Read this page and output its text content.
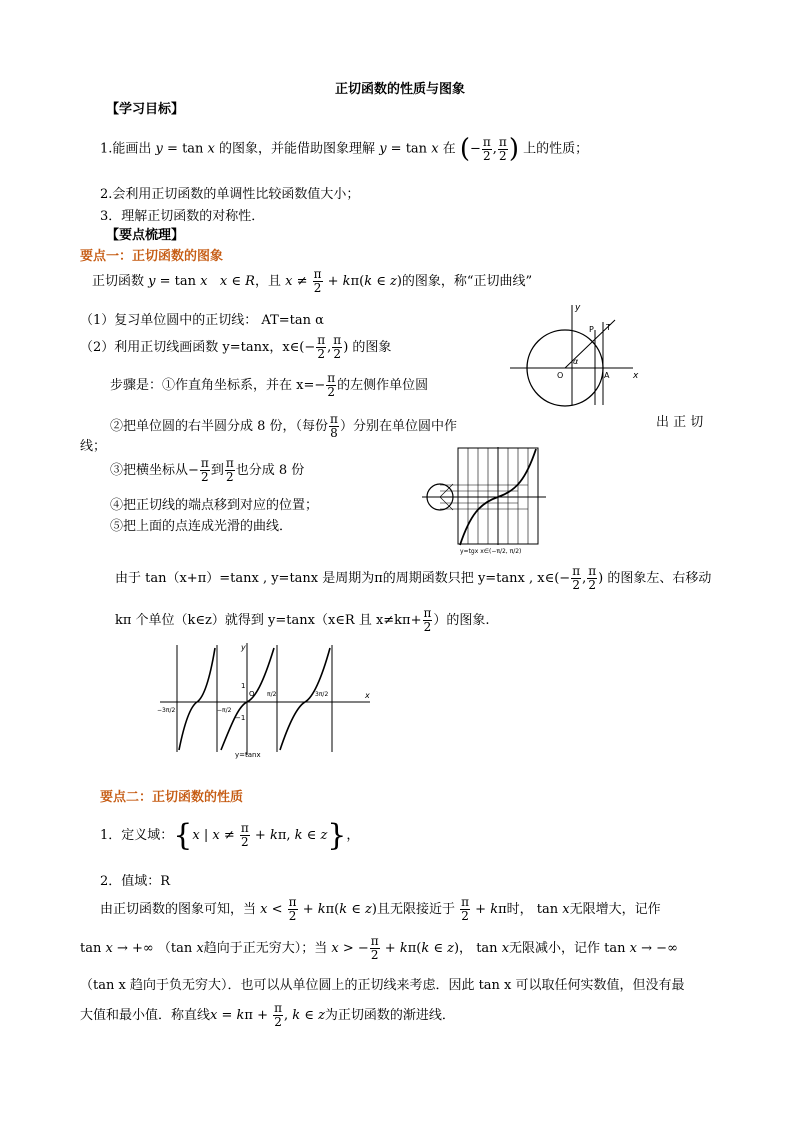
正切函数的性质与图象
【学习目标】
1.能画出 y = tan x 的图象，并能借助图象理解 y = tan x 在 (− $\frac{\pi}{2}$ , $\frac{\pi}{2}$ ) 上的性质；
2.会利用正切函数的单调性比较函数值大小；
3．理解正切函数的对称性．
【要点梳理】
要点一：正切函数的图象
正切函数 y = tan x x ∈ R，且 $x \ne \frac{\pi}{2} + k\pi(k$ ∈ z)的图象，称“正切曲线”
（1）复习单位圆中的正切线： AT=tan α
（2）利用正切线画函数 y=tanx，x∈(− $\frac{\pi}{2}$ , $\frac{\pi}{2}$ ) 的图象
y
P T
O	A	x
α
步骤是：①作直角坐标系，并在 $x=- \frac{\pi}{2}$ 的左侧作单位圆
②把单位圆的右半圆分成 8 份，（每份 $\frac{\pi}{8}$ ）分别在单位圆中作	出 正 切
线；
③把横坐标从− $\frac{\pi}{2}$ 到 $\frac{\pi}{2}$ 也分成 8 份
④把正切线的端点移到对应的位置；
⑤把上面的点连成光滑的曲线．
y=tgx x∈(−π/2, π/2)
由于 tan（x+π）=tanx , y=tanx 是周期为π的周期函数只把 y=tanx , x∈(− $\frac{\pi}{2}$ , $\frac{\pi}{2}$ ) 的图象左、右移动
kπ 个单位（k∈z）就得到 y=tanx（x∈R 且 $x\ne k\pi+ \frac{\pi}{2}$ ）的图象.
−3π/2	−π/2
O π/2	3π/2	x
y
1
−1
y=tanx
要点二：正切函数的性质
1．定义域：{x | $x \ne \frac{\pi}{2} + k\pi$, k ∈ z}，
2．值域：R
由正切函数的图象可知，当 $x < \frac{\pi}{2} + k\pi(k$ ∈ z)且无限接近于 $\frac{\pi}{2} + k\pi$时， tan x无限增大，记作
tan x → +∞ （tan x趋向于正无穷大）；当 x > − $\frac{\pi}{2} + k\pi(k$ ∈ z)， tan x无限减小，记作 tan x → −∞
（tan x 趋向于负无穷大）．也可以从单位圆上的正切线来考虑．因此 tan x 可以取任何实数值，但没有最
大值和最小值．称直线$x = k\pi + \frac{\pi}{2}$ , k ∈ z为正切函数的渐进线．
